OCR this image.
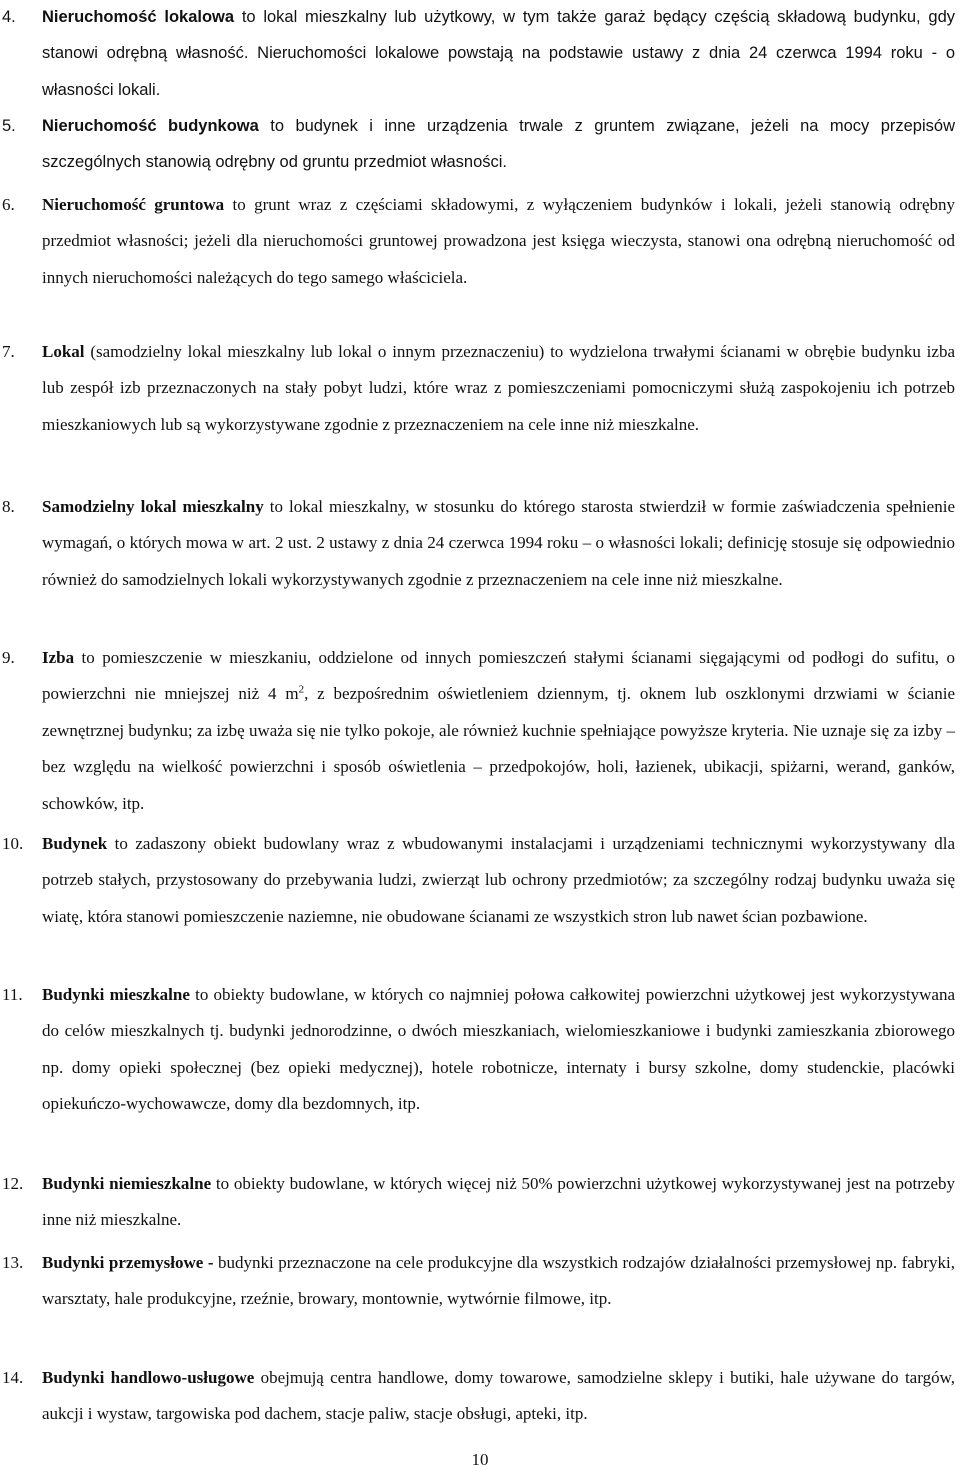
4.	Nieruchomość lokalowa to lokal mieszkalny lub użytkowy, w tym także garaż będący częścią składową budynku, gdy stanowi odrębną własność. Nieruchomości lokalowe powstają na podstawie ustawy z dnia 24 czerwca 1994 roku - o własności lokali.
5.	Nieruchomość budynkowa to budynek i inne urządzenia trwale z gruntem związane, jeżeli na mocy przepisów szczególnych stanowią odrębny od gruntu przedmiot własności.
6.	Nieruchomość gruntowa to grunt wraz z częściami składowymi, z wyłączeniem budynków i lokali, jeżeli stanowią odrębny przedmiot własności; jeżeli dla nieruchomości gruntowej prowadzona jest księga wieczysta, stanowi ona odrębną nieruchomość od innych nieruchomości należących do tego samego właściciela.
7.	Lokal (samodzielny lokal mieszkalny lub lokal o innym przeznaczeniu) to wydzielona trwałymi ścianami w obrębie budynku izba lub zespół izb przeznaczonych na stały pobyt ludzi, które wraz z pomieszczeniami pomocniczymi służą zaspokojeniu ich potrzeb mieszkaniowych lub są wykorzystywane zgodnie z przeznaczeniem na cele inne niż mieszkalne.
8.	Samodzielny lokal mieszkalny to lokal mieszkalny, w stosunku do którego starosta stwierdził w formie zaświadczenia spełnienie wymagań, o których mowa w art. 2 ust. 2 ustawy z dnia 24 czerwca 1994 roku – o własności lokali; definicję stosuje się odpowiednio również do samodzielnych lokali wykorzystywanych zgodnie z przeznaczeniem na cele inne niż mieszkalne.
9.	Izba to pomieszczenie w mieszkaniu, oddzielone od innych pomieszczeń stałymi ścianami sięgającymi od podłogi do sufitu, o powierzchni nie mniejszej niż 4 $m^2$, z bezpośrednim oświetleniem dziennym, tj. oknem lub oszklonymi drzwiami w ścianie zewnętrznej budynku; za izbę uważa się nie tylko pokoje, ale również kuchnie spełniające powyższe kryteria. Nie uznaje się za izby – bez względu na wielkość powierzchni i sposób oświetlenia – przedpokojów, holi, łazienek, ubikacji, spiżarni, werand, ganków, schowków, itp.
10.	Budynek to zadaszony obiekt budowlany wraz z wbudowanymi instalacjami i urządzeniami technicznymi wykorzystywany dla potrzeb stałych, przystosowany do przebywania ludzi, zwierząt lub ochrony przedmiotów; za szczególny rodzaj budynku uważa się wiatę, która stanowi pomieszczenie naziemne, nie obudowane ścianami ze wszystkich stron lub nawet ścian pozbawione.
11.	Budynki mieszkalne to obiekty budowlane, w których co najmniej połowa całkowitej powierzchni użytkowej jest wykorzystywana do celów mieszkalnych tj. budynki jednorodzinne, o dwóch mieszkaniach, wielomieszkaniowe i budynki zamieszkania zbiorowego np. domy opieki społecznej (bez opieki medycznej), hotele robotnicze, internaty i bursy szkolne, domy studenckie, placówki opiekuńczo-wychowawcze, domy dla bezdomnych, itp.
12.	Budynki niemieszkalne to obiekty budowlane, w których więcej niż 50% powierzchni użytkowej wykorzystywanej jest na potrzeby inne niż mieszkalne.
13.	Budynki przemysłowe - budynki przeznaczone na cele produkcyjne dla wszystkich rodzajów działalności przemysłowej np. fabryki, warsztaty, hale produkcyjne, rzeźnie, browary, montownie, wytwórnie filmowe, itp.
14.	Budynki handlowo-usługowe obejmują centra handlowe, domy towarowe, samodzielne sklepy i butiki, hale używane do targów, aukcji i wystaw, targowiska pod dachem, stacje paliw, stacje obsługi, apteki, itp.
10
